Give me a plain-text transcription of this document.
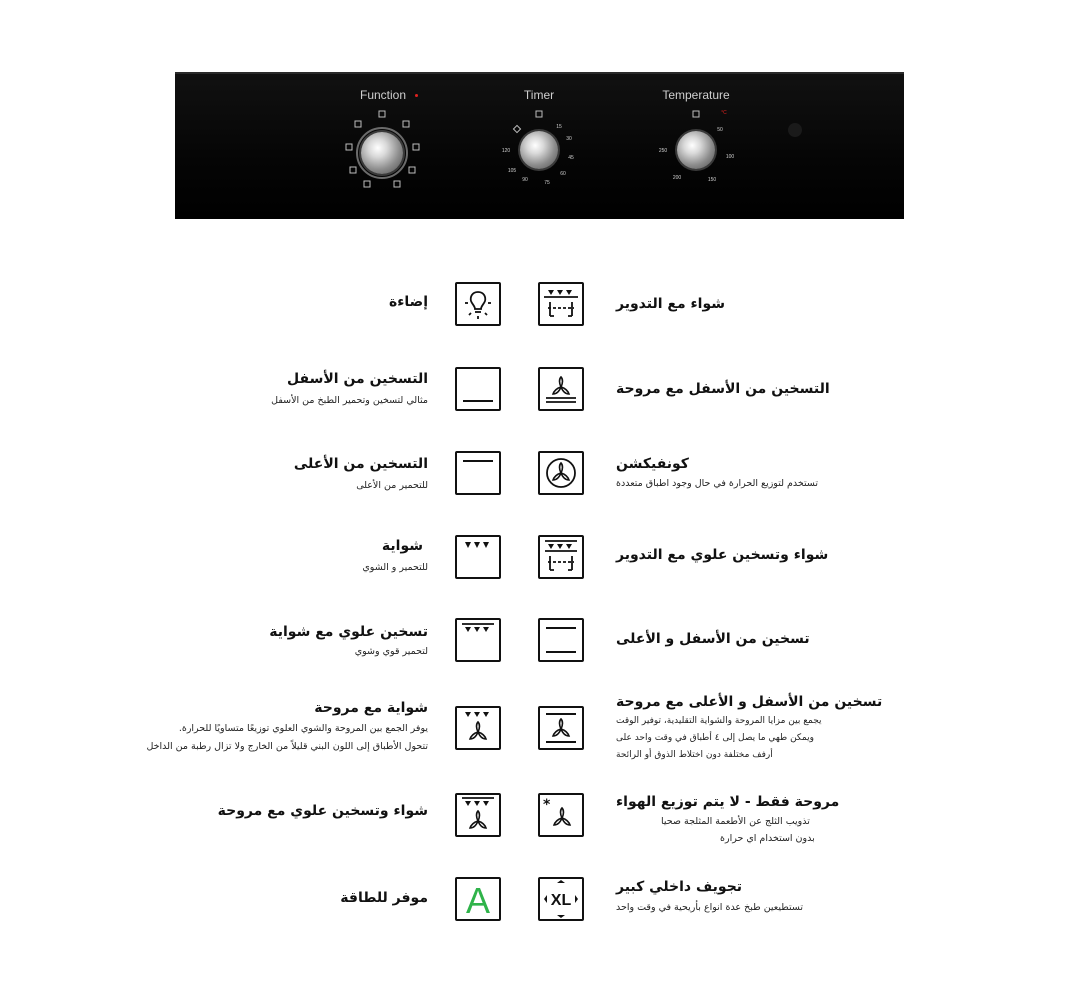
Function	Timer
15
30
45
60
75
90
105
120
Temperature
°C
50
100
150
200
250
إضاءة	شواء مع التدوير
التسخين من الأسفل
مثالي لتسخين وتحمير الطبخ من الأسفل
التسخين من الأسفل مع مروحة
التسخين من الأعلى
للتحمير من الأعلى
كونفيكشن
تستخدم لتوزيع الحرارة في حال وجود اطباق متعددة
شواية
للتحمير و الشوي
شواء وتسخين علوي مع التدوير
تسخين علوي مع شواية
لتحمير قوي وشوي
تسخين من الأسفل و الأعلى
شواية مع مروحة
يوفر الجمع بين المروحة والشوي العلوي توزيعًا متساويًا للحرارة.
تتحول الأطباق إلى اللون البني قليلاً من الخارج ولا تزال رطبة من الداخل
تسخين من الأسفل و الأعلى مع مروحة
يجمع بين مزايا المروحة والشواية التقليدية، توفير الوقت
ويمكن طهي ما يصل إلى ٤ أطباق في وقت واحد على
أرفف مختلفة دون اختلاط الذوق أو الرائحة
شواء وتسخين علوي مع مروحة	*	مروحة فقط - لا يتم توزيع الهواء
تذويب الثلج عن الأطعمة المثلجة صحيا
بدون استخدام اي حرارة
A
موفر للطاقة	XL
تجويف داخلي كبير
تستطيعين طبخ عدة انواع بأريحية في وقت واحد
